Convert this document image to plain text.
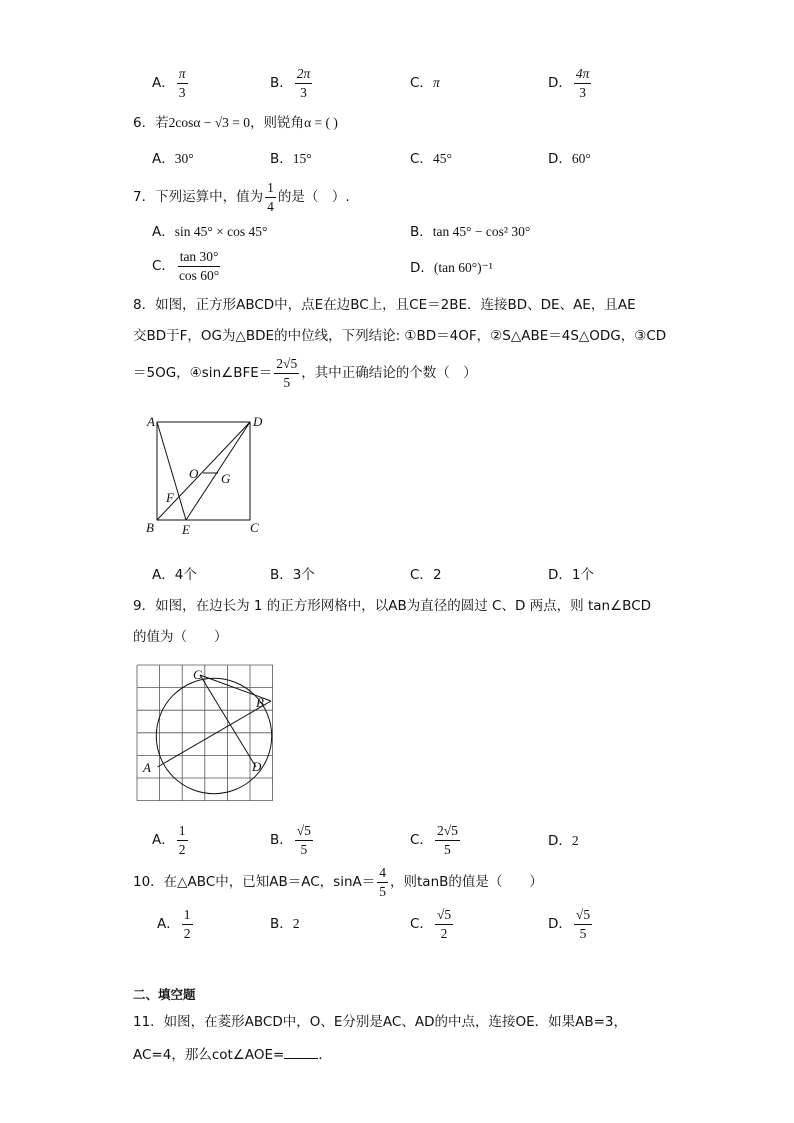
A． $\frac{\pi}{3}$	B． $\frac{2\pi}{3}$	C．π	D． $\frac{4\pi}{3}$
6．若2cosα − √3 = 0，则锐角α = ( )
A．30°	B．15°	C．45°	D．60°
7．下列运算中，值为 $\frac{1}{4}$ 的是（　）.
A．sin 45° × cos 45°	B．tan 45° − cos² 30°
C． $\frac{\tan 30^\circ}{\cos 60^\circ}$	D．(tan 60°)⁻¹
8．如图，正方形ABCD中，点E在边BC上，且CE＝2BE．连接BD、DE、AE，且AE
交BD于F，OG为△BDE的中位线，下列结论: ①BD＝4OF，②S△ABE＝4S△ODG，③CD
＝5OG，④sin∠BFE＝ $\frac{2√5}{5}$ ，其中正确结论的个数（　）
A	D
B E	C
F
O G
A．4个	B．3个	C．2	D．1个
9．如图，在边长为 1 的正方形网格中，以AB为直径的圆过 C、D 两点，则 tan∠BCD
的值为（　　）
C
B
A	D
A． $\frac{1}{2}$	B． $\frac{√5}{5}$	C． $\frac{2√5}{5}$	D．2
10．在△ABC中，已知AB＝AC，$\sin A= \frac{4}{5}$ ，则tanB的值是（　　）
A． $\frac{1}{2}$	B．2	C． $\frac{√5}{2}$	D． $\frac{√5}{5}$
二、填空题
11．如图，在菱形ABCD中，O、E分别是AC、AD的中点，连接OE．如果AB=3，
AC=4，那么cot∠AOE=	．
